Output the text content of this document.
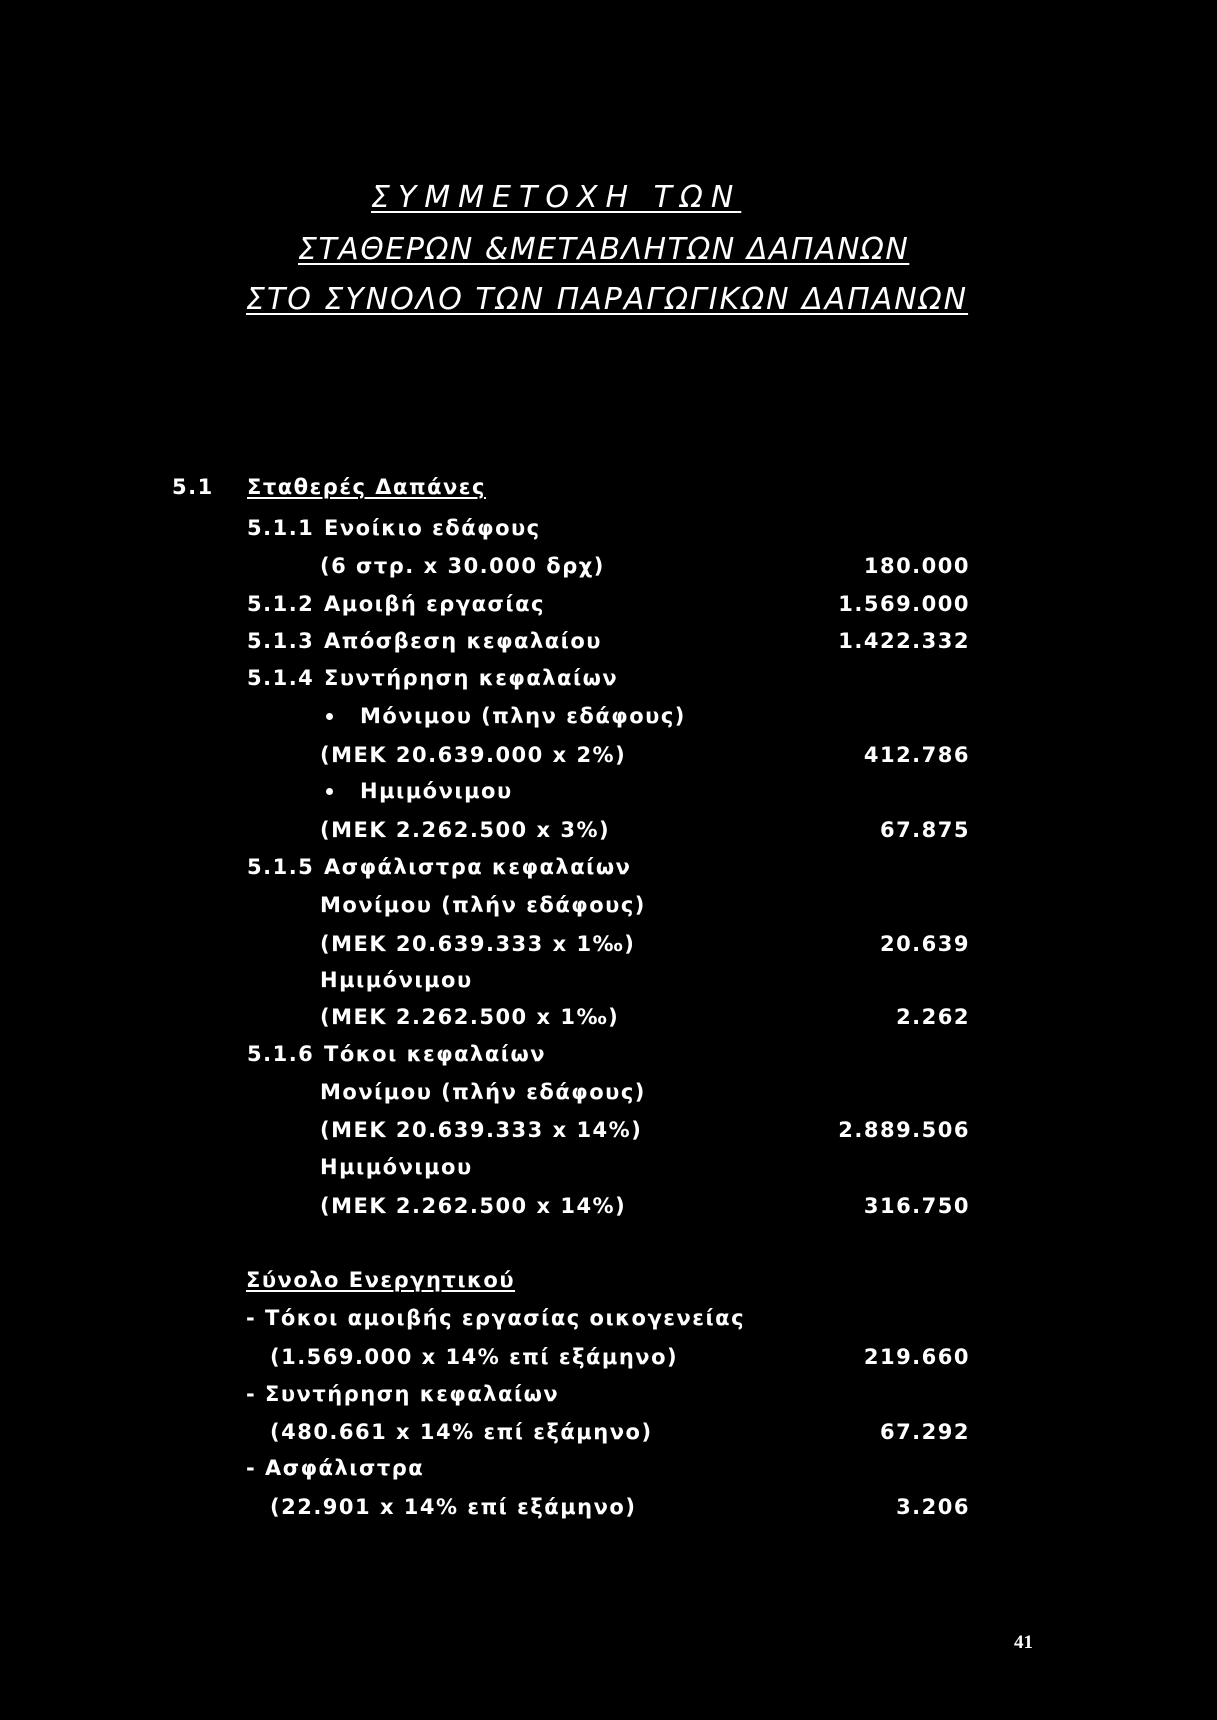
ΣΥΜΜΕΤΟΧΗ ΤΩΝ
ΣΤΑΘΕΡΩΝ &ΜΕΤΑΒΛΗΤΩΝ ΔΑΠΑΝΩΝ
ΣΤΟ ΣΥΝΟΛΟ ΤΩΝ ΠΑΡΑΓΩΓΙΚΩΝ ΔΑΠΑΝΩΝ
5.1 Σταθερές Δαπάνες
5.1.1 Ενοίκιο εδάφους
(6 στρ. x 30.000 δρχ)	180.000
5.1.2 Αμοιβή εργασίας	1.569.000
5.1.3 Απόσβεση κεφαλαίου	1.422.332
5.1.4 Συντήρηση κεφαλαίων
Μόνιμου (πλην εδάφους)
(ΜΕΚ 20.639.000 x 2%)	412.786
Ημιμόνιμου
(ΜΕΚ 2.262.500 x 3%)	67.875
5.1.5 Ασφάλιστρα κεφαλαίων
Μονίμου (πλήν εδάφους)
(ΜΕΚ 20.639.333 x 1‰)	20.639
Ημιμόνιμου
(ΜΕΚ 2.262.500 x 1‰)	2.262
5.1.6 Τόκοι κεφαλαίων
Μονίμου (πλήν εδάφους)
(ΜΕΚ 20.639.333 x 14%)	2.889.506
Ημιμόνιμου
(ΜΕΚ 2.262.500 x 14%)	316.750
Σύνολο Ενεργητικού
- Τόκοι αμοιβής εργασίας οικογενείας
(1.569.000 x 14% επί εξάμηνο)	219.660
- Συντήρηση κεφαλαίων
(480.661 x 14% επί εξάμηνο)	67.292
- Ασφάλιστρα
(22.901 x 14% επί εξάμηνο)	3.206
41
